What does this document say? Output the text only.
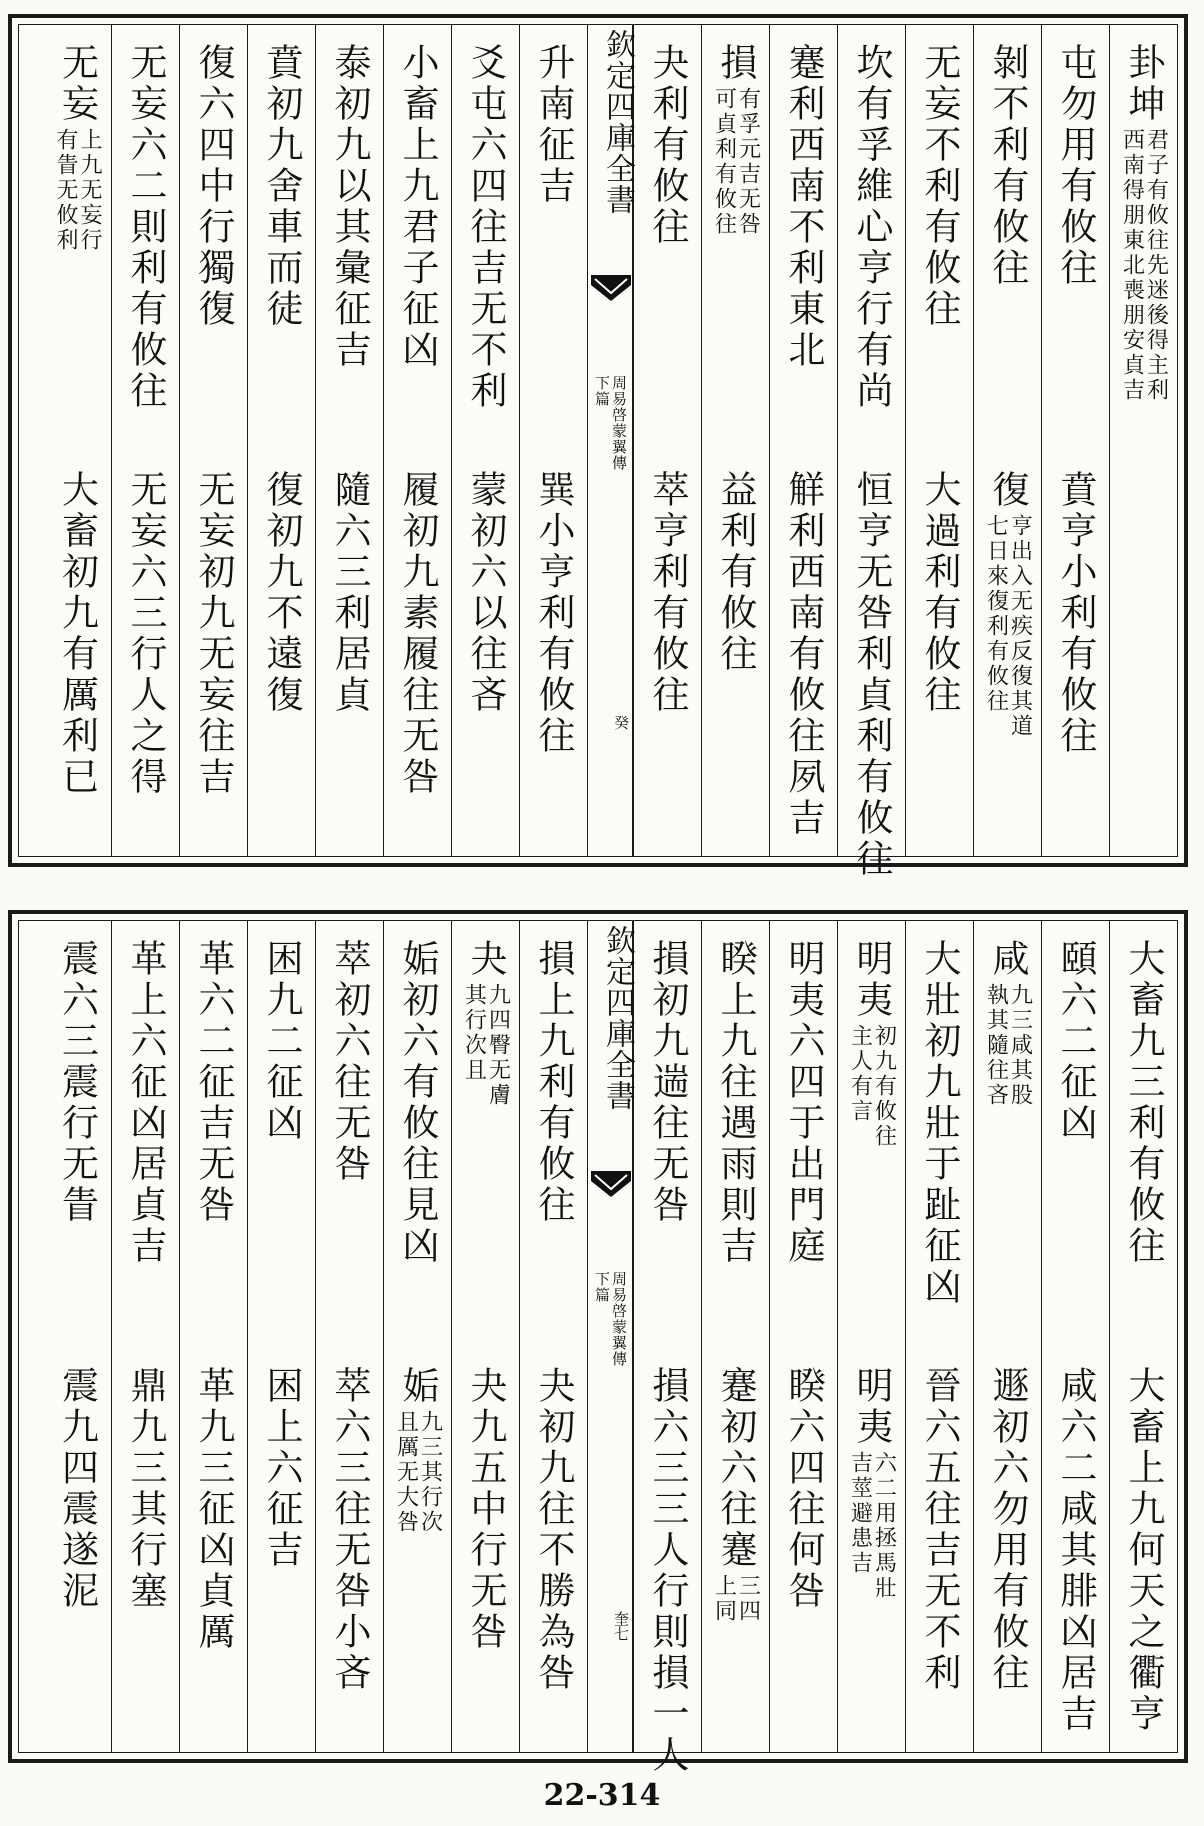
卦坤
君子有攸往先迷後得主利
西南得朋東北喪朋安貞吉
屯勿用有攸往
賁亨小利有攸往
剝不利有攸往
復
亨出入无疾反復其道
七日來復利有攸往
无妄不利有攸往
大過利有攸往
坎有孚維心亨行有尚
恒亨无咎利貞利有攸往
蹇利西南不利東北
觧利西南有攸往夙吉
損
有孚元吉无咎
可貞利有攸往
益利有攸往
夬利有攸往
萃亨利有攸往
欽定四庫全書
周易啓蒙翼傳
下篇
癸
升南征吉
巽小亨利有攸往
爻屯六四往吉无不利
蒙初六以往吝
小畜上九君子征凶
履初九素履往无咎
泰初九以其彙征吉
隨六三利居貞
賁初九舍車而徒
復初九不遠復
復六四中行獨復
无妄初九无妄往吉
无妄六二則利有攸往
无妄六三行人之得
无妄
上九无妄行
有眚无攸利
大畜初九有厲利已
大畜九三利有攸往
大畜上九何天之衢亨
頤六二征凶
咸六二咸其腓凶居吉
咸
九三咸其股
執其隨往吝
遯初六勿用有攸往
大壯初九壯于趾征凶
晉六五往吉无不利
明夷
初九有攸往
主人有言
明夷
六二用拯馬壯
吉莖避患吉
明夷六四于出門庭
睽六四往何咎
睽上九往遇雨則吉
蹇初六往蹇
三四
上同
損初九遄往无咎
損六三三人行則損一人
欽定四庫全書
周易啓蒙翼傳
下篇
奎七
損上九利有攸往
夬初九往不勝為咎
夬
九四臀无膚
其行次且
夬九五中行无咎
姤初六有攸往見凶
姤
九三其行次
且厲无大咎
萃初六往无咎
萃六三往无咎小吝
困九二征凶
困上六征吉
革六二征吉无咎
革九三征凶貞厲
革上六征凶居貞吉
鼎九三其行塞
震六三震行无眚
震九四震遂泥
22-314
